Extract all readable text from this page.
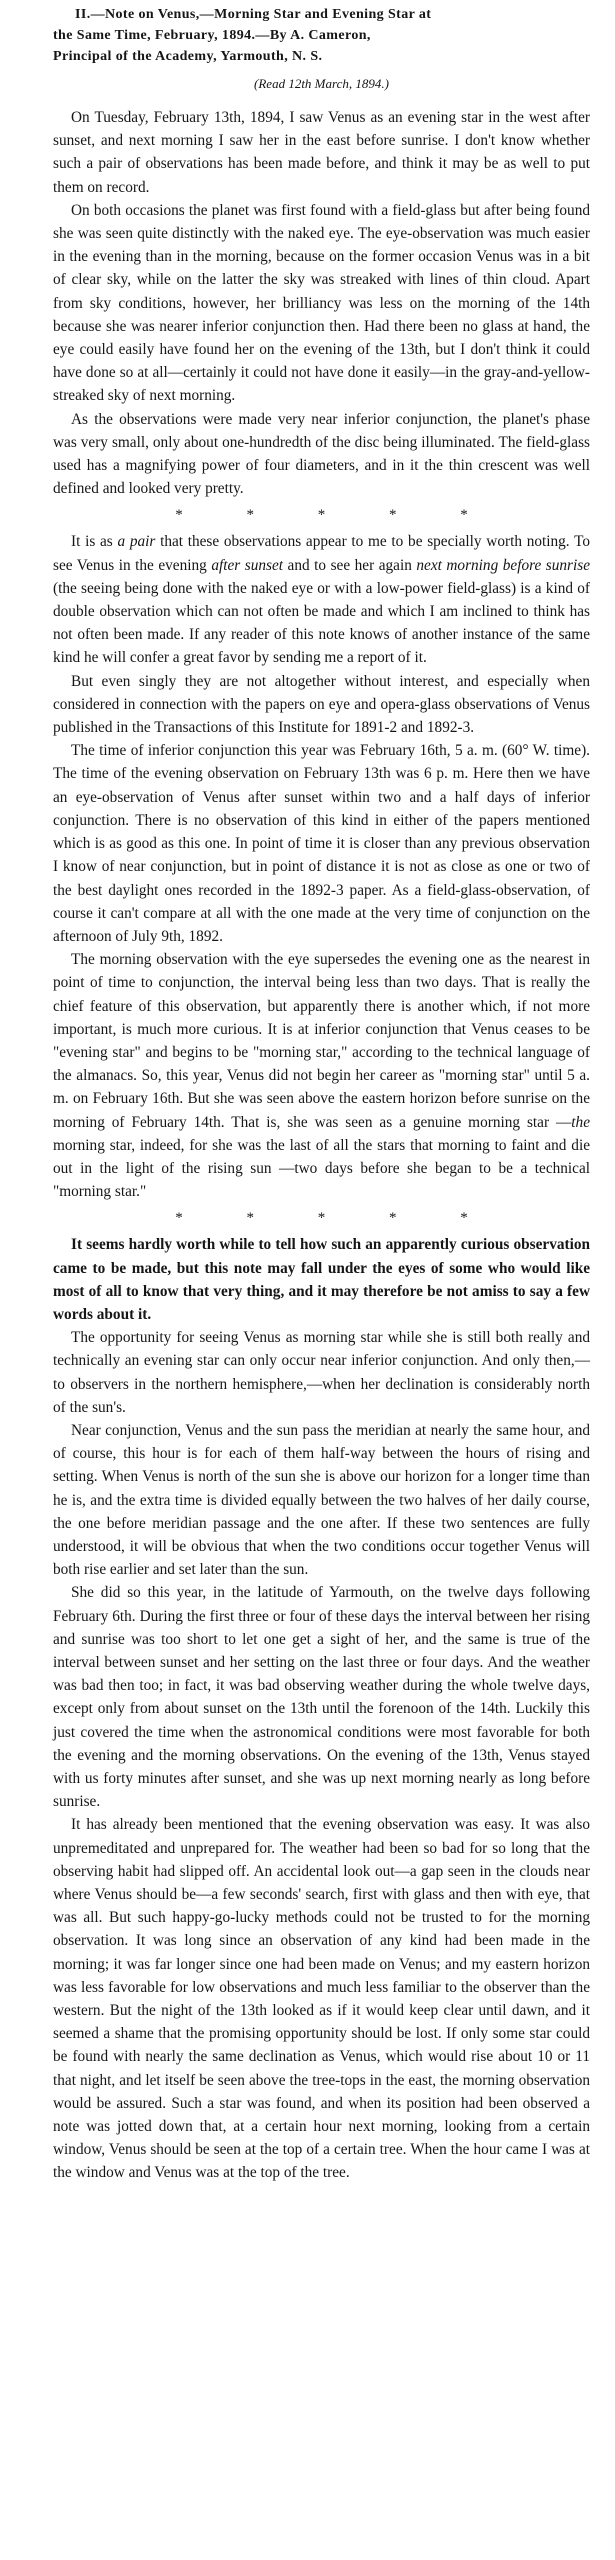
II.—Note on Venus,—Morning Star and Evening Star at
the Same Time, February, 1894.—By A. Cameron,
Principal of the Academy, Yarmouth, N. S.

(Read 12th March, 1894.)

On Tuesday, February 13th, 1894, I saw Venus as an evening star in the west after sunset, and next morning I saw her in the east before sunrise. I don't know whether such a pair of observations has been made before, and think it may be as well to put them on record.

On both occasions the planet was first found with a field-glass but after being found she was seen quite distinctly with the naked eye. The eye-observation was much easier in the evening than in the morning, because on the former occasion Venus was in a bit of clear sky, while on the latter the sky was streaked with lines of thin cloud. Apart from sky conditions, however, her brilliancy was less on the morning of the 14th because she was nearer inferior conjunction then. Had there been no glass at hand, the eye could easily have found her on the evening of the 13th, but I don't think it could have done so at all—certainly it could not have done it easily—in the gray-and-yellow-streaked sky of next morning.

As the observations were made very near inferior conjunction, the planet's phase was very small, only about one-hundredth of the disc being illuminated. The field-glass used has a magnifying power of four diameters, and in it the thin crescent was well defined and looked very pretty.

* * * * *

It is as a pair that these observations appear to me to be specially worth noting. To see Venus in the evening after sunset and to see her again next morning before sunrise (the seeing being done with the naked eye or with a low-power field-glass) is a kind of double observation which can not often be made and which I am inclined to think has not often been made. If any reader of this note knows of another instance of the same kind he will confer a great favor by sending me a report of it.

But even singly they are not altogether without interest, and especially when considered in connection with the papers on eye and opera-glass observations of Venus published in the Transactions of this Institute for 1891-2 and 1892-3.

The time of inferior conjunction this year was February 16th, 5 a. m. (60° W. time). The time of the evening observation on February 13th was 6 p. m. Here then we have an eye-observation of Venus after sunset within two and a half days of inferior conjunction. There is no observation of this kind in either of the papers mentioned which is as good as this one. In point of time it is closer than any previous observation I know of near conjunction, but in point of distance it is not as close as one or two of the best daylight ones recorded in the 1892-3 paper. As a field-glass-observation, of course it can't compare at all with the one made at the very time of conjunction on the afternoon of July 9th, 1892.

The morning observation with the eye supersedes the evening one as the nearest in point of time to conjunction, the interval being less than two days. That is really the chief feature of this observation, but apparently there is another which, if not more important, is much more curious. It is at inferior conjunction that Venus ceases to be "evening star" and begins to be "morning star," according to the technical language of the almanacs. So, this year, Venus did not begin her career as "morning star" until 5 a. m. on February 16th. But she was seen above the eastern horizon before sunrise on the morning of February 14th. That is, she was seen as a genuine morning star —the morning star, indeed, for she was the last of all the stars that morning to faint and die out in the light of the rising sun —two days before she began to be a technical "morning star."

* * * * *

It seems hardly worth while to tell how such an apparently curious observation came to be made, but this note may fall under the eyes of some who would like most of all to know that very thing, and it may therefore be not amiss to say a few words about it.

The opportunity for seeing Venus as morning star while she is still both really and technically an evening star can only occur near inferior conjunction. And only then,—to observers in the northern hemisphere,—when her declination is considerably north of the sun's.

Near conjunction, Venus and the sun pass the meridian at nearly the same hour, and of course, this hour is for each of them half-way between the hours of rising and setting. When Venus is north of the sun she is above our horizon for a longer time than he is, and the extra time is divided equally between the two halves of her daily course, the one before meridian passage and the one after. If these two sentences are fully understood, it will be obvious that when the two conditions occur together Venus will both rise earlier and set later than the sun.

She did so this year, in the latitude of Yarmouth, on the twelve days following February 6th. During the first three or four of these days the interval between her rising and sunrise was too short to let one get a sight of her, and the same is true of the interval between sunset and her setting on the last three or four days. And the weather was bad then too; in fact, it was bad observing weather during the whole twelve days, except only from about sunset on the 13th until the forenoon of the 14th. Luckily this just covered the time when the astronomical conditions were most favorable for both the evening and the morning observations. On the evening of the 13th, Venus stayed with us forty minutes after sunset, and she was up next morning nearly as long before sunrise.

It has already been mentioned that the evening observation was easy. It was also unpremeditated and unprepared for. The weather had been so bad for so long that the observing habit had slipped off. An accidental look out—a gap seen in the clouds near where Venus should be—a few seconds' search, first with glass and then with eye, that was all. But such happy-go-lucky methods could not be trusted to for the morning observation. It was long since an observation of any kind had been made in the morning; it was far longer since one had been made on Venus; and my eastern horizon was less favorable for low observations and much less familiar to the observer than the western. But the night of the 13th looked as if it would keep clear until dawn, and it seemed a shame that the promising opportunity should be lost. If only some star could be found with nearly the same declination as Venus, which would rise about 10 or 11 that night, and let itself be seen above the tree-tops in the east, the morning observation would be assured. Such a star was found, and when its position had been observed a note was jotted down that, at a certain hour next morning, looking from a certain window, Venus should be seen at the top of a certain tree. When the hour came I was at the window and Venus was at the top of the tree.
